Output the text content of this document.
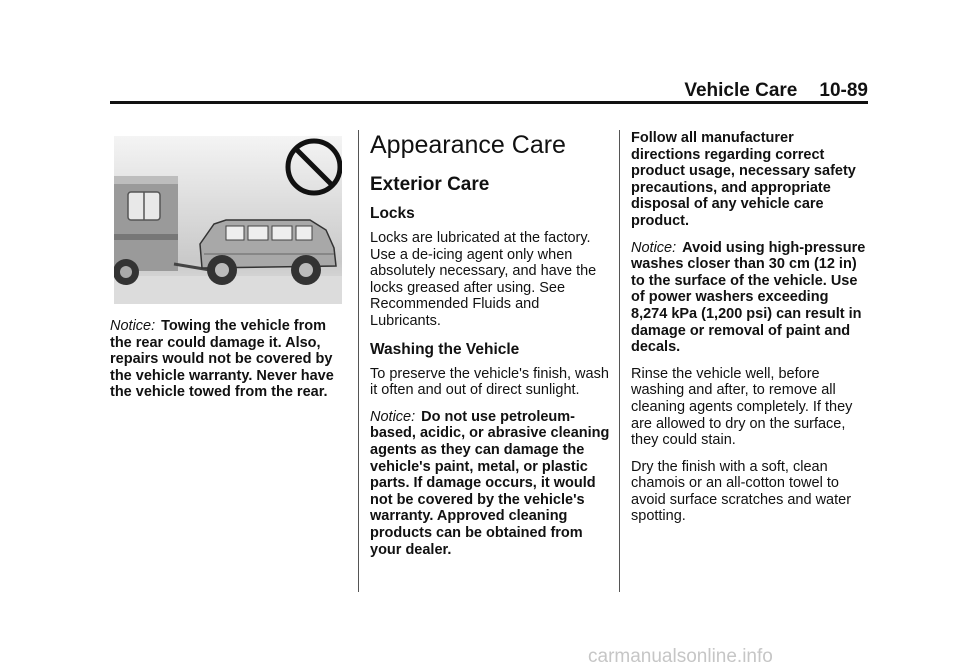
Vehicle Care 10-89

Notice: Towing the vehicle from the rear could damage it. Also, repairs would not be covered by the vehicle warranty. Never have the vehicle towed from the rear.

Appearance Care
Exterior Care
Locks

Locks are lubricated at the factory. Use a de-icing agent only when absolutely necessary, and have the locks greased after using. See Recommended Fluids and Lubricants.

Washing the Vehicle

To preserve the vehicle's finish, wash it often and out of direct sunlight.

Notice: Do not use petroleum-based, acidic, or abrasive cleaning agents as they can damage the vehicle's paint, metal, or plastic parts. If damage occurs, it would not be covered by the vehicle's warranty. Approved cleaning products can be obtained from your dealer.

Follow all manufacturer directions regarding correct product usage, necessary safety precautions, and appropriate disposal of any vehicle care product.

Notice: Avoid using high-pressure washes closer than 30 cm (12 in) to the surface of the vehicle. Use of power washers exceeding 8,274 kPa (1,200 psi) can result in damage or removal of paint and decals.

Rinse the vehicle well, before washing and after, to remove all cleaning agents completely. If they are allowed to dry on the surface, they could stain.

Dry the finish with a soft, clean chamois or an all-cotton towel to avoid surface scratches and water spotting.

carmanualsonline.info
